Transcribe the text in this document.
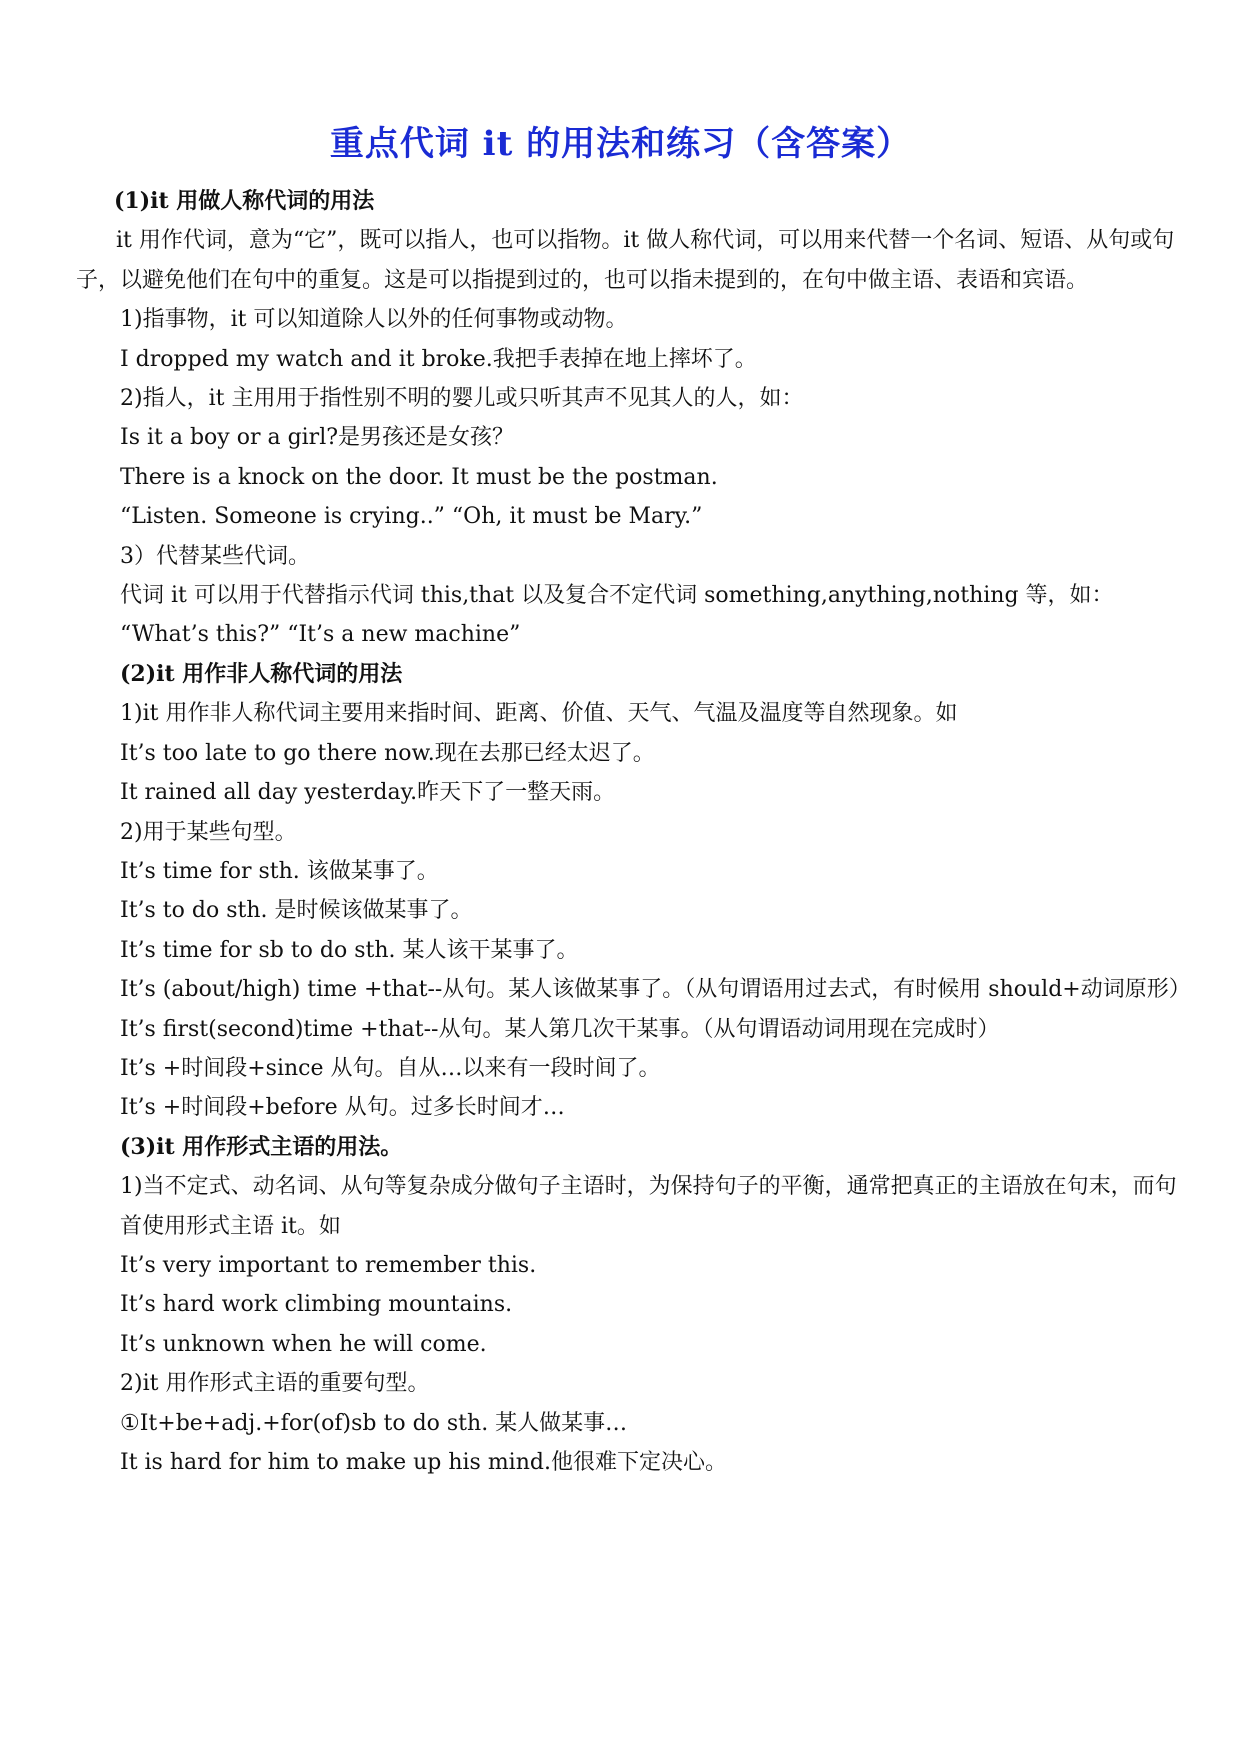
重点代词 it 的用法和练习（含答案）

(1)it 用做人称代词的用法

it 用作代词，意为“它”，既可以指人，也可以指物。it 做人称代词，可以用来代替一个名词、短语、从句或句子，以避免他们在句中的重复。这是可以指提到过的，也可以指未提到的，在句中做主语、表语和宾语。

1)指事物，it 可以知道除人以外的任何事物或动物。

I dropped my watch and it broke.我把手表掉在地上摔坏了。

2)指人，it 主用用于指性别不明的婴儿或只听其声不见其人的人，如：

Is it a boy or a girl?是男孩还是女孩？

There is a knock on the door. It must be the postman.

“Listen. Someone is crying..” “Oh, it must be Mary.”

3）代替某些代词。

代词 it 可以用于代替指示代词 this,that 以及复合不定代词 something,anything,nothing 等，如：

“What’s this?” “It’s a new machine”

(2)it 用作非人称代词的用法

1)it 用作非人称代词主要用来指时间、距离、价值、天气、气温及温度等自然现象。如

It’s too late to go there now.现在去那已经太迟了。

It rained all day yesterday.昨天下了一整天雨。

2)用于某些句型。

It’s time for sth. 该做某事了。

It’s to do sth. 是时候该做某事了。

It’s time for sb to do sth. 某人该干某事了。

It’s (about/high) time +that--从句。某人该做某事了。（从句谓语用过去式，有时候用 should+动词原形）

It’s first(second)time +that--从句。某人第几次干某事。（从句谓语动词用现在完成时）

It’s +时间段+since 从句。自从…以来有一段时间了。

It’s +时间段+before 从句。过多长时间才…

(3)it 用作形式主语的用法。

1)当不定式、动名词、从句等复杂成分做句子主语时，为保持句子的平衡，通常把真正的主语放在句末，而句首使用形式主语 it。如

It’s very important to remember this.

It’s hard work climbing mountains.

It’s unknown when he will come.

2)it 用作形式主语的重要句型。

①It+be+adj.+for(of)sb to do sth. 某人做某事…

It is hard for him to make up his mind.他很难下定决心。
